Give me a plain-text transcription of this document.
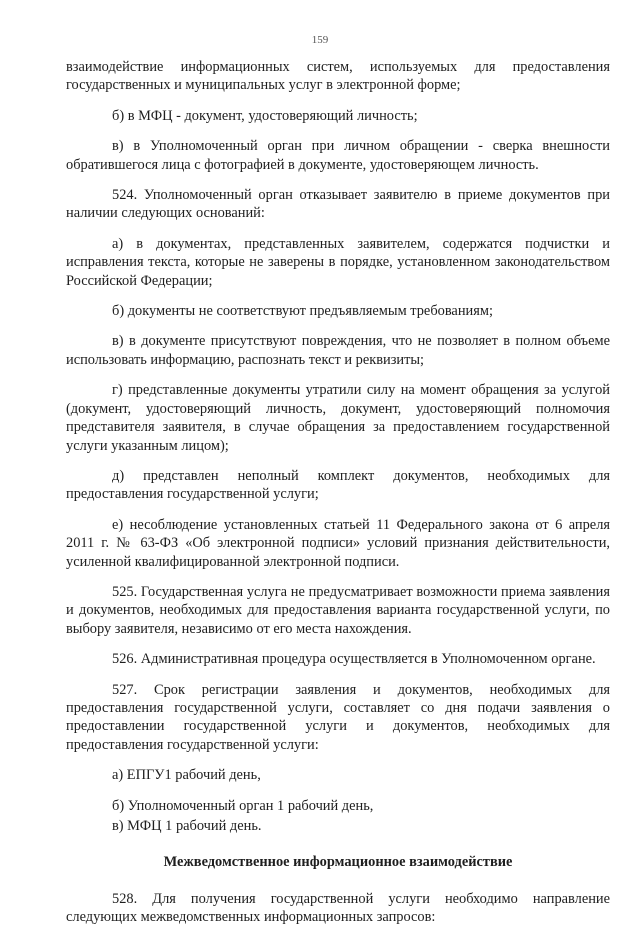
159

взаимодействие информационных систем, используемых для предоставления государственных и муниципальных услуг в электронной форме;

б) в МФЦ - документ, удостоверяющий личность;

в) в Уполномоченный орган при личном обращении - сверка внешности обратившегося лица с фотографией в документе, удостоверяющем личность.

524. Уполномоченный орган отказывает заявителю в приеме документов при наличии следующих оснований:

а) в документах, представленных заявителем, содержатся подчистки и исправления текста, которые не заверены в порядке, установленном законодательством Российской Федерации;

б) документы не соответствуют предъявляемым требованиям;

в) в документе присутствуют повреждения, что не позволяет в полном объеме использовать информацию, распознать текст и реквизиты;

г) представленные документы утратили силу на момент обращения за услугой (документ, удостоверяющий личность, документ, удостоверяющий полномочия представителя заявителя, в случае обращения за предоставлением государственной услуги указанным лицом);

д) представлен неполный комплект документов, необходимых для предоставления государственной услуги;

е) несоблюдение установленных статьей 11 Федерального закона от 6 апреля 2011 г. № 63-ФЗ «Об электронной подписи» условий признания действительности, усиленной квалифицированной электронной подписи.

525. Государственная услуга не предусматривает возможности приема заявления и документов, необходимых для предоставления варианта государственной услуги, по выбору заявителя, независимо от его места нахождения.

526. Административная процедура осуществляется в Уполномоченном органе.

527. Срок регистрации заявления и документов, необходимых для предоставления государственной услуги, составляет со дня подачи заявления о предоставлении государственной услуги и документов, необходимых для предоставления государственной услуги:

а) ЕПГУ1 рабочий день,

б) Уполномоченный орган 1 рабочий день,

в) МФЦ 1 рабочий день.

Межведомственное информационное взаимодействие

528. Для получения государственной услуги необходимо направление следующих межведомственных информационных запросов:
